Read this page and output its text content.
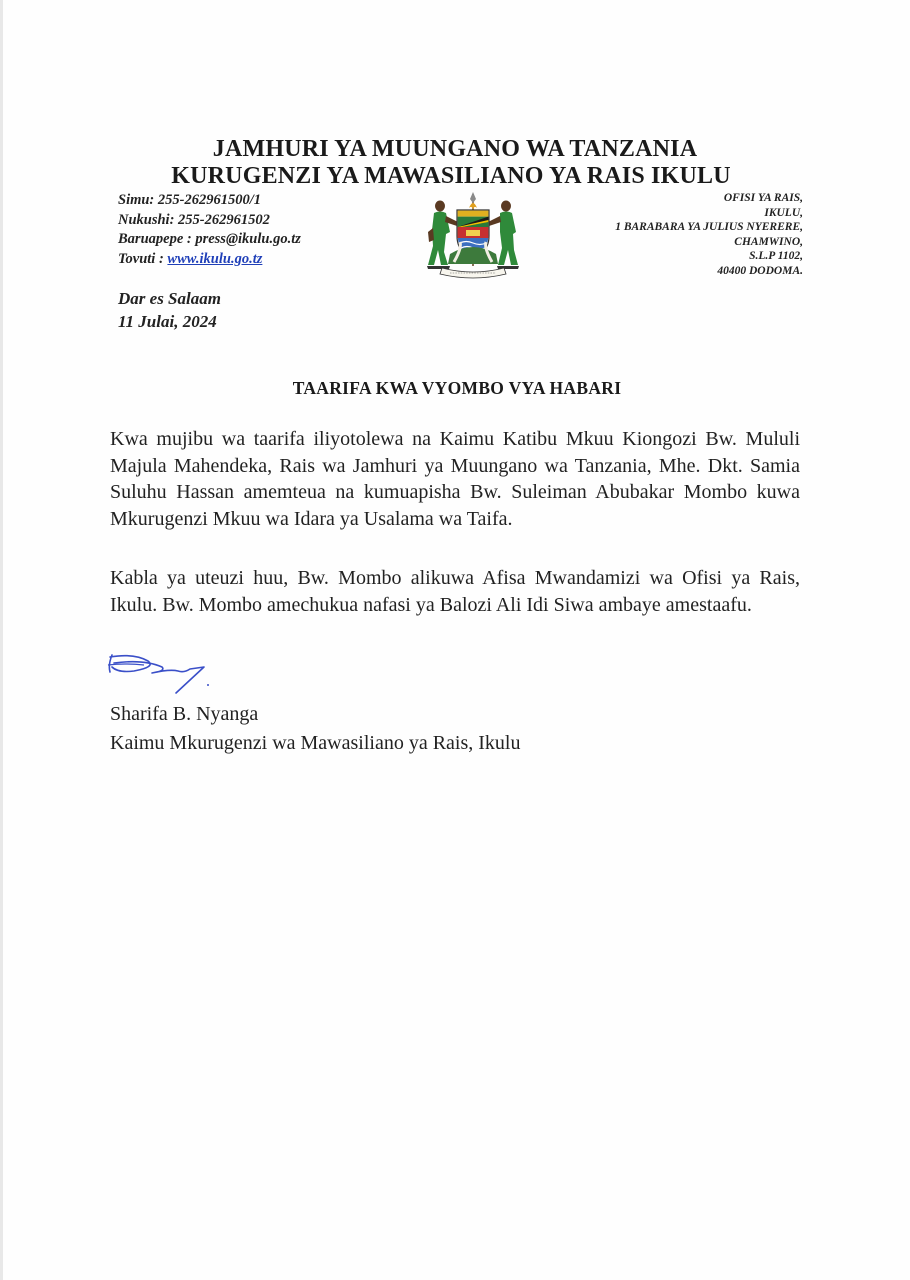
JAMHURI YA MUUNGANO WA TANZANIA
KURUGENZI YA MAWASILIANO YA RAIS IKULU
Simu: 255-262961500/1
Nukushi: 255-262961502
Baruapepe : press@ikulu.go.tz
Tovuti : www.ikulu.go.tz
OFISI YA RAIS,
IKULU,
1 BARABARA YA JULIUS NYERERE,
CHAMWINO,
S.L.P 1102,
40400 DODOMA.
Dar es Salaam
11 Julai, 2024
TAARIFA KWA VYOMBO VYA HABARI
Kwa mujibu wa taarifa iliyotolewa na Kaimu Katibu Mkuu Kiongozi Bw. Mululi Majula Mahendeka, Rais wa Jamhuri ya Muungano wa Tanzania, Mhe. Dkt. Samia Suluhu Hassan amemteua na kumuapisha Bw. Suleiman Abubakar Mombo kuwa Mkurugenzi Mkuu wa Idara ya Usalama wa Taifa.
Kabla ya uteuzi huu, Bw. Mombo alikuwa Afisa Mwandamizi wa Ofisi ya Rais, Ikulu. Bw. Mombo amechukua nafasi ya Balozi Ali Idi Siwa ambaye amestaafu.
Sharifa B. Nyanga
Kaimu Mkurugenzi wa Mawasiliano ya Rais, Ikulu
